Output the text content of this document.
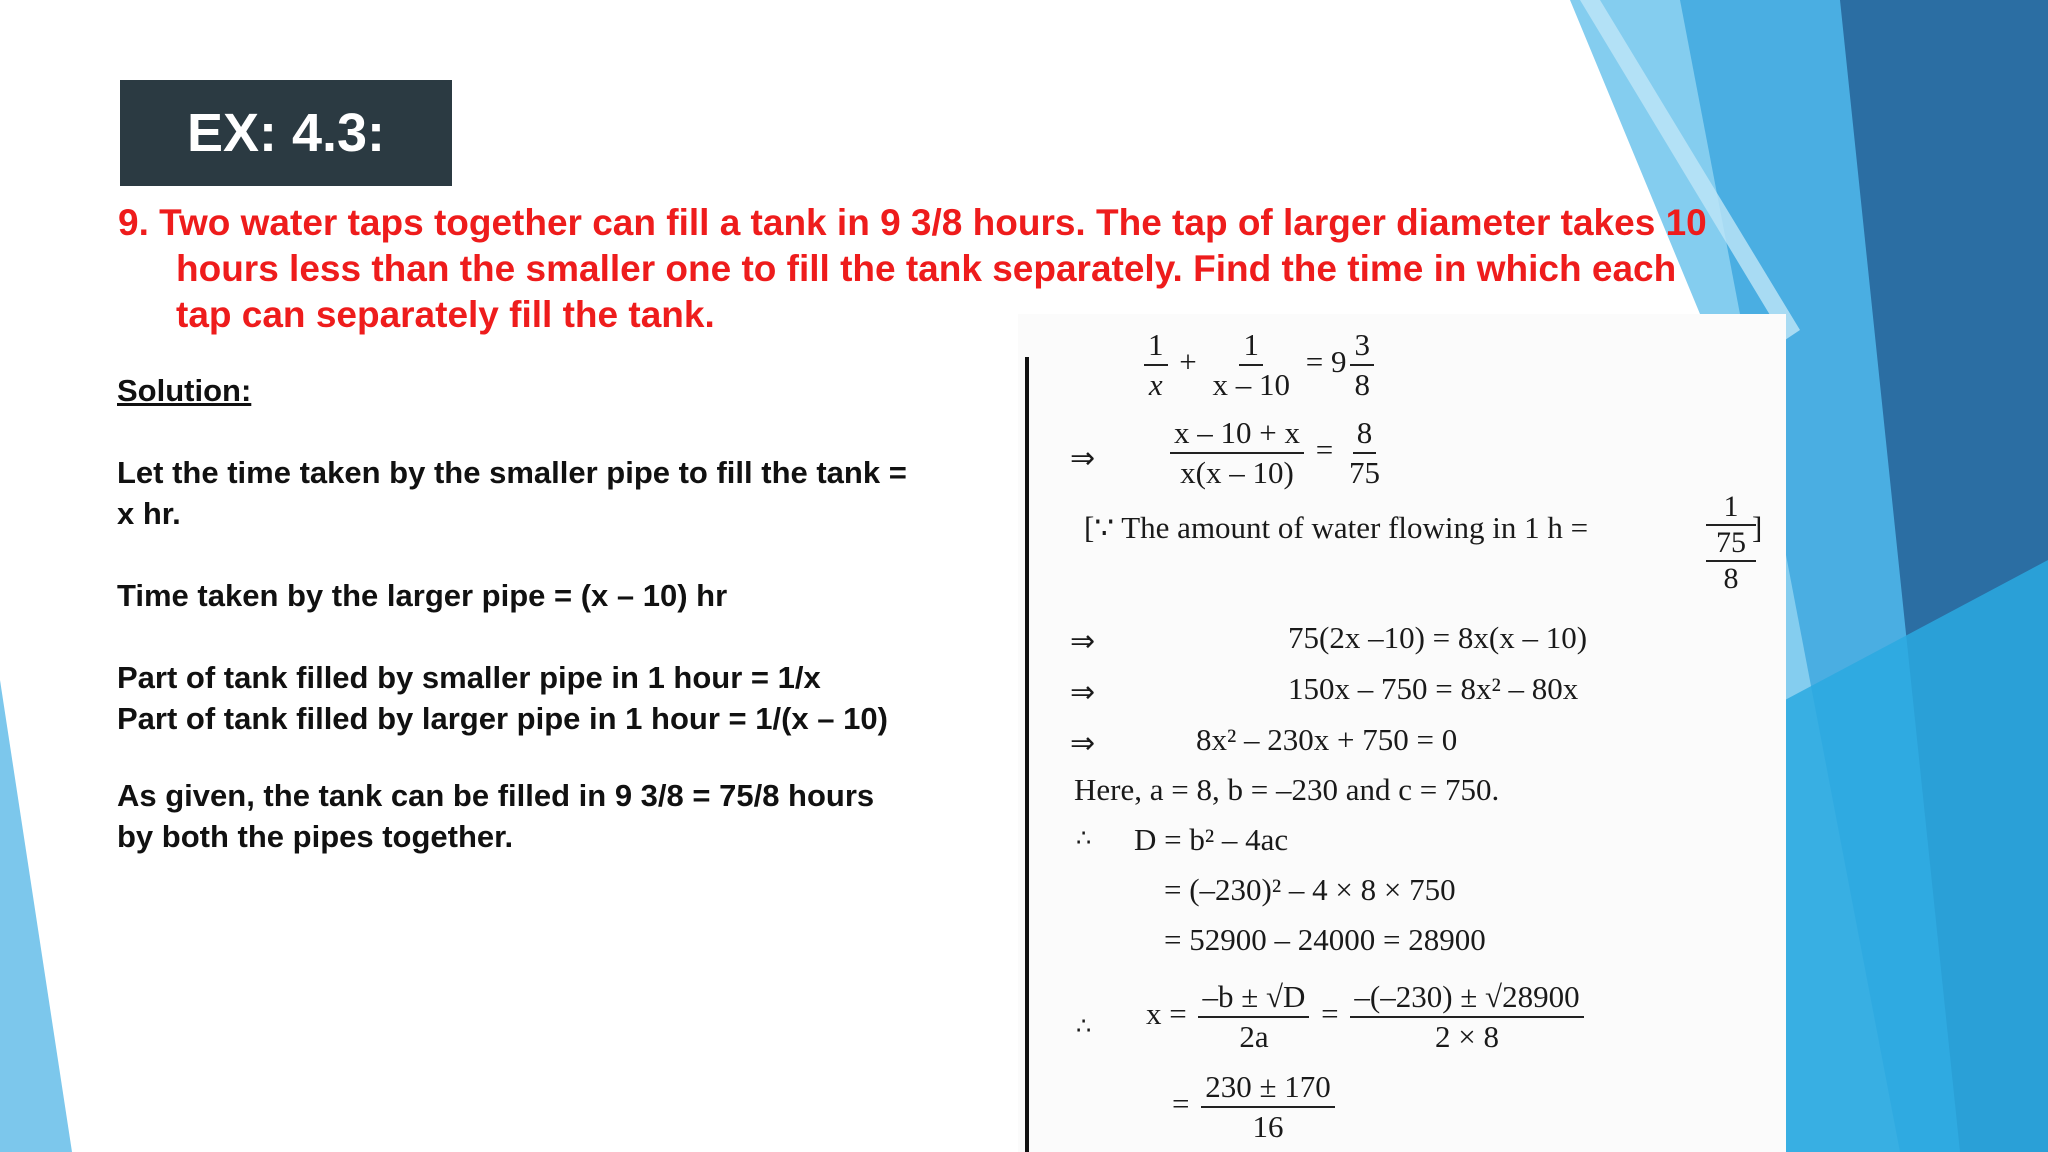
EX: 4.3:
9. Two water taps together can fill a tank in 9 3/8 hours. The tap of larger diameter takes 10
hours less than the smaller one to fill the tank separately. Find the time in which each
tap can separately fill the tank.

Solution:

Let the time taken by the smaller pipe to fill the tank =

x hr.

Time taken by the larger pipe = (x – 10) hr

Part of tank filled by smaller pipe in 1 hour = 1/x

Part of tank filled by larger pipe in 1 hour = 1/(x – 10)

As given, the tank can be filled in 9 3/8 = 75/8 hours

by both the pipes together.

$\frac{1}{x} + \frac{1}{x - 10} = 9 \frac{3}{8}$
⇒ $\frac{x - 10 + x}{x(x - 10)} = \frac{8}{75}$
[∵ The amount of water flowing in 1 h =
1
75
8
]
⇒	75(2x –10) = 8x(x – 10)
⇒	150x – 750 = 8x² – 80x
⇒	8x² – 230x + 750 = 0
Here, a = 8, b = –230 and c = 750.
∴ D = b² – 4ac
= (–230)² – 4 × 8 × 750
= 52900 – 24000 = 28900
∴ $x = \frac{-b \pm √D}{2a} = \frac{-(-230) \pm √28900}{2 \times 8}$
= $\frac{230 \pm 170}{16}$
